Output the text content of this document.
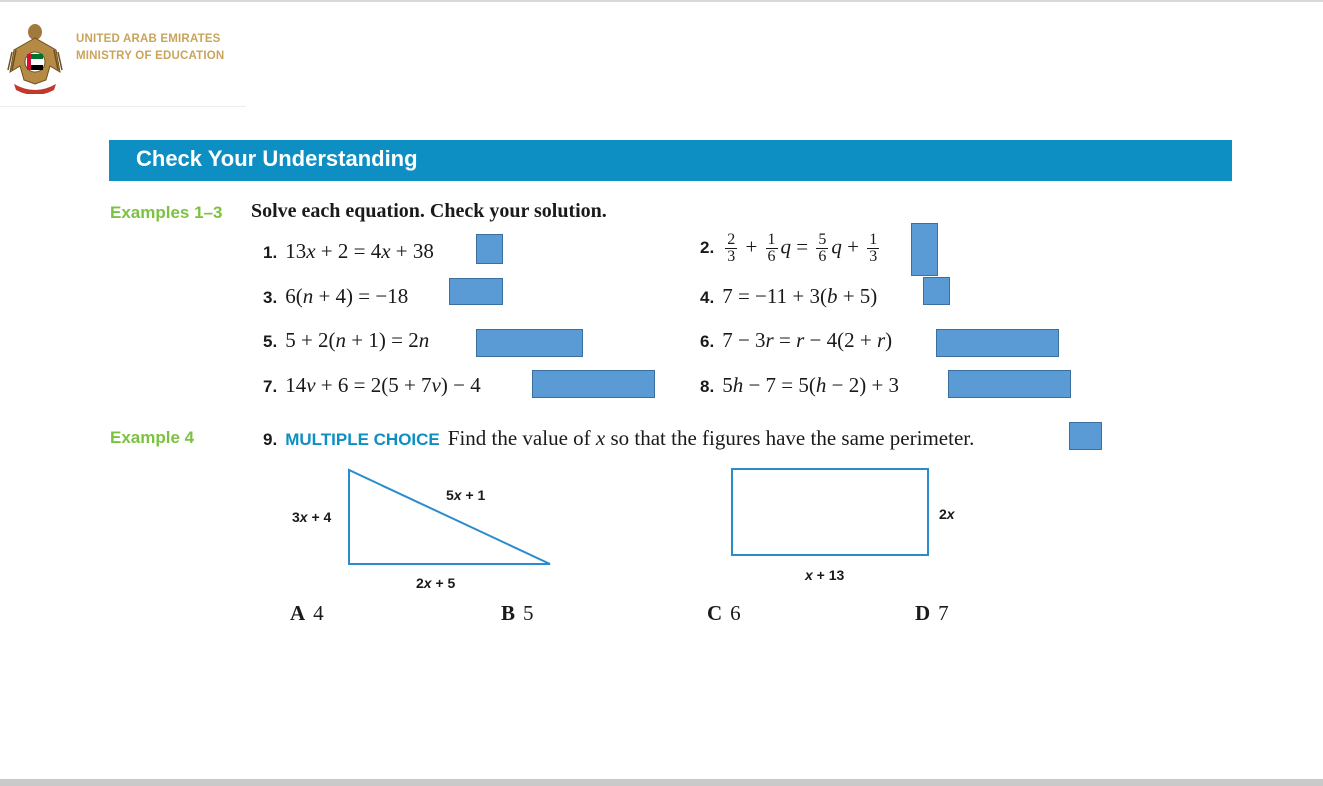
UNITED ARAB EMIRATES
MINISTRY OF EDUCATION
Check Your Understanding
Examples 1–3 Solve each equation. Check your solution.
1. 13x + 2 = 4x + 38	2. $\frac{2}{3} + \frac{1}{6}$ $q = \frac{5}{6}$ $q + \frac{1}{3}$
3. 6(n + 4) = −18	4. 7 = −11 + 3(b + 5)
5. 5 + 2(n + 1) = 2n	6. 7 − 3r = r − 4(2 + r)
7. 14v + 6 = 2(5 + 7v) − 4	8. 5h − 7 = 5(h − 2) + 3
Example 4	9. MULTIPLE CHOICE Find the value of x so that the figures have the same perimeter.
3x + 4
5x + 1
2x + 5
2x
x + 13
A 4	B 5	C 6	D 7
